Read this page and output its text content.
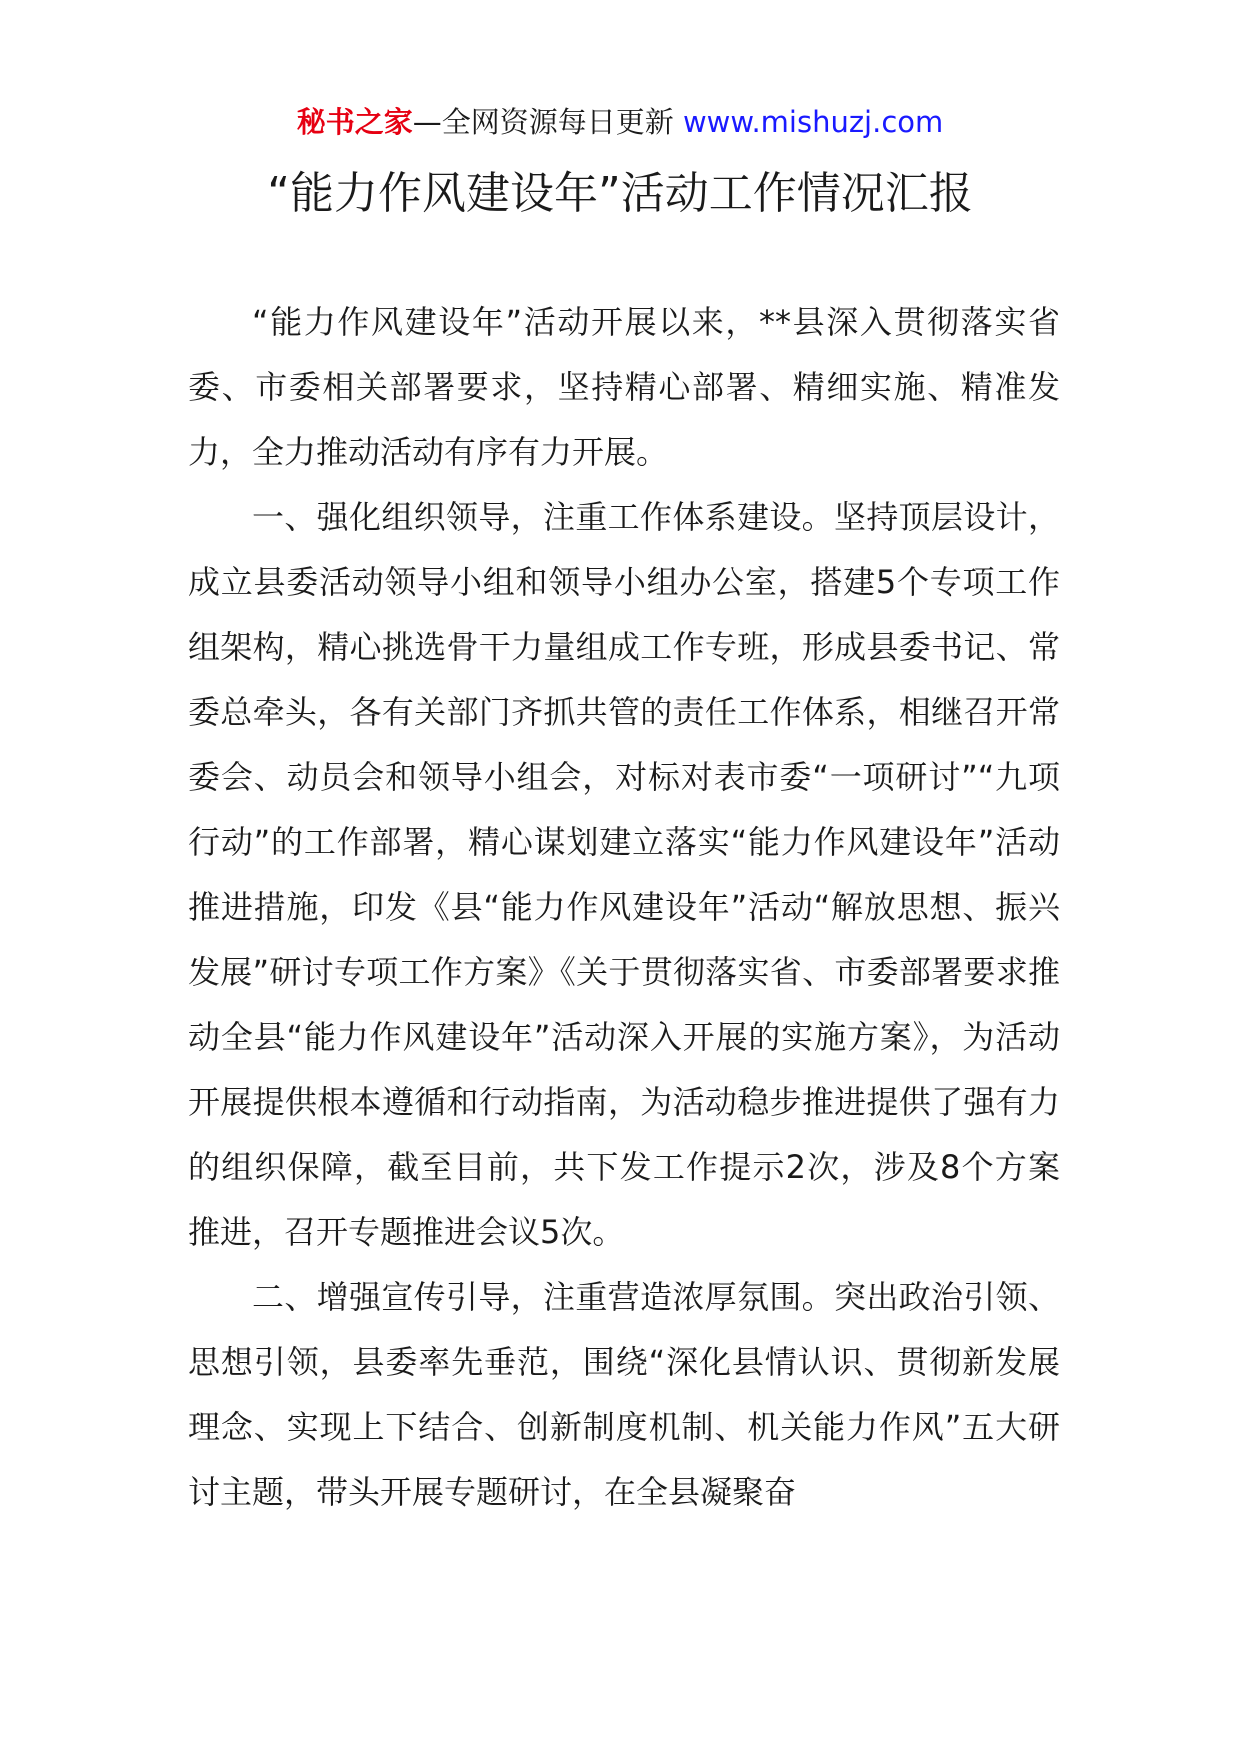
秘书之家—全网资源每日更新 www.mishuzj.com
“能力作风建设年”活动工作情况汇报

“能力作风建设年”活动开展以来，**县深入贯彻落实省委、市委相关部署要求，坚持精心部署、精细实施、精准发力，全力推动活动有序有力开展。

一、强化组织领导，注重工作体系建设。坚持顶层设计，成立县委活动领导小组和领导小组办公室，搭建5个专项工作组架构，精心挑选骨干力量组成工作专班，形成县委书记、常委总牵头，各有关部门齐抓共管的责任工作体系，相继召开常委会、动员会和领导小组会，对标对表市委“一项研讨”“九项行动”的工作部署，精心谋划建立落实“能力作风建设年”活动推进措施，印发《县“能力作风建设年”活动“解放思想、振兴发展”研讨专项工作方案》《关于贯彻落实省、市委部署要求推动全县“能力作风建设年”活动深入开展的实施方案》，为活动开展提供根本遵循和行动指南，为活动稳步推进提供了强有力的组织保障，截至目前，共下发工作提示2次，涉及8个方案推进，召开专题推进会议5次。

二、增强宣传引导，注重营造浓厚氛围。突出政治引领、思想引领，县委率先垂范，围绕“深化县情认识、贯彻新发展理念、实现上下结合、创新制度机制、机关能力作风”五大研讨主题，带头开展专题研讨，在全县凝聚奋
